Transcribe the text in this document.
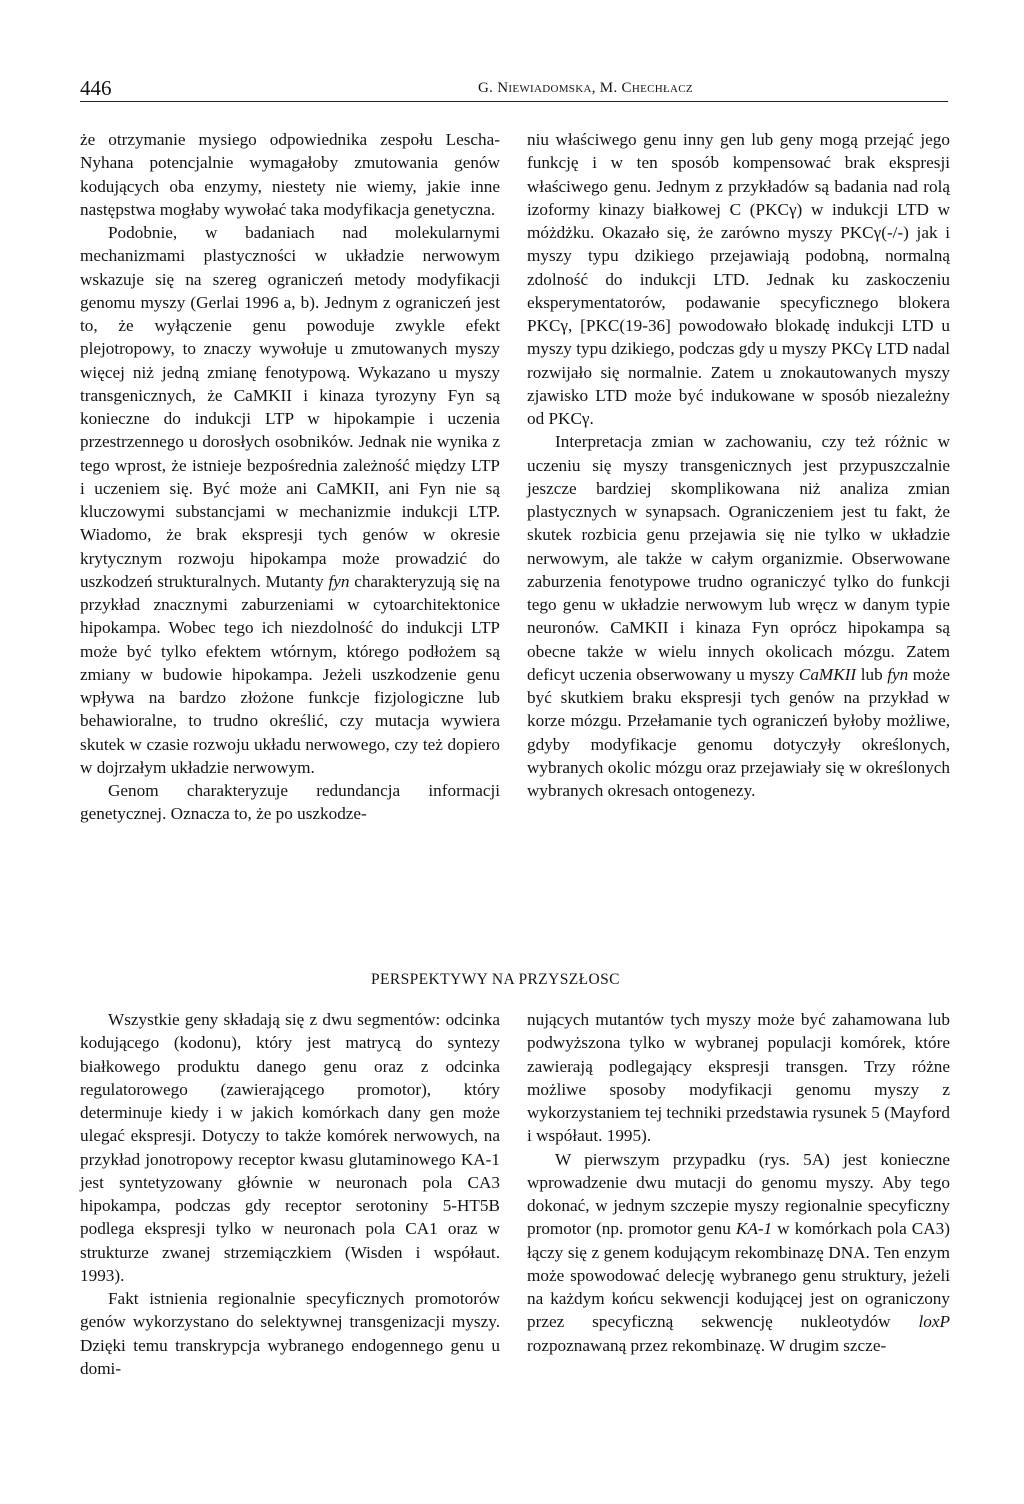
446	G. Niewiadomska, M. Chechłacz

że otrzymanie mysiego odpowiednika zespołu Lescha-Nyhana potencjalnie wymagałoby zmutowania genów kodujących oba enzymy, niestety nie wiemy, jakie inne następstwa mogłaby wywołać taka modyfikacja genetyczna.

Podobnie, w badaniach nad molekularnymi mechanizmami plastyczności w układzie nerwowym wskazuje się na szereg ograniczeń metody modyfikacji genomu myszy (Gerlai 1996 a, b). Jednym z ograniczeń jest to, że wyłączenie genu powoduje zwykle efekt plejotropowy, to znaczy wywołuje u zmutowanych myszy więcej niż jedną zmianę fenotypową. Wykazano u myszy transgenicznych, że CaMKII i kinaza tyrozyny Fyn są konieczne do indukcji LTP w hipokampie i uczenia przestrzennego u dorosłych osobników. Jednak nie wynika z tego wprost, że istnieje bezpośrednia zależność między LTP i uczeniem się. Być może ani CaMKII, ani Fyn nie są kluczowymi substancjami w mechanizmie indukcji LTP. Wiadomo, że brak ekspresji tych genów w okresie krytycznym rozwoju hipokampa może prowadzić do uszkodzeń strukturalnych. Mutanty fyn charakteryzują się na przykład znacznymi zaburzeniami w cytoarchitektonice hipokampa. Wobec tego ich niezdolność do indukcji LTP może być tylko efektem wtórnym, którego podłożem są zmiany w budowie hipokampa. Jeżeli uszkodzenie genu wpływa na bardzo złożone funkcje fizjologiczne lub behawioralne, to trudno określić, czy mutacja wywiera skutek w czasie rozwoju układu nerwowego, czy też dopiero w dojrzałym układzie nerwowym.

Genom charakteryzuje redundancja informacji genetycznej. Oznacza to, że po uszkodze-

niu właściwego genu inny gen lub geny mogą przejąć jego funkcję i w ten sposób kompensować brak ekspresji właściwego genu. Jednym z przykładów są badania nad rolą izoformy kinazy białkowej C (PKCγ) w indukcji LTD w móżdżku. Okazało się, że zarówno myszy PKCγ(-/-) jak i myszy typu dzikiego przejawiają podobną, normalną zdolność do indukcji LTD. Jednak ku zaskoczeniu eksperymentatorów, podawanie specyficznego blokera PKCγ, [PKC(19-36] powodowało blokadę indukcji LTD u myszy typu dzikiego, podczas gdy u myszy PKCγ LTD nadal rozwijało się normalnie. Zatem u znokautowanych myszy zjawisko LTD może być indukowane w sposób niezależny od PKCγ.

Interpretacja zmian w zachowaniu, czy też różnic w uczeniu się myszy transgenicznych jest przypuszczalnie jeszcze bardziej skomplikowana niż analiza zmian plastycznych w synapsach. Ograniczeniem jest tu fakt, że skutek rozbicia genu przejawia się nie tylko w układzie nerwowym, ale także w całym organizmie. Obserwowane zaburzenia fenotypowe trudno ograniczyć tylko do funkcji tego genu w układzie nerwowym lub wręcz w danym typie neuronów. CaMKII i kinaza Fyn oprócz hipokampa są obecne także w wielu innych okolicach mózgu. Zatem deficyt uczenia obserwowany u myszy CaMKII lub fyn może być skutkiem braku ekspresji tych genów na przykład w korze mózgu. Przełamanie tych ograniczeń byłoby możliwe, gdyby modyfikacje genomu dotyczyły określonych, wybranych okolic mózgu oraz przejawiały się w określonych wybranych okresach ontogenezy.

PERSPEKTYWY NA PRZYSZŁOSC

Wszystkie geny składają się z dwu segmentów: odcinka kodującego (kodonu), który jest matrycą do syntezy białkowego produktu danego genu oraz z odcinka regulatorowego (zawierającego promotor), który determinuje kiedy i w jakich komórkach dany gen może ulegać ekspresji. Dotyczy to także komórek nerwowych, na przykład jonotropowy receptor kwasu glutaminowego KA-1 jest syntetyzowany głównie w neuronach pola CA3 hipokampa, podczas gdy receptor serotoniny 5-HT5B podlega ekspresji tylko w neuronach pola CA1 oraz w strukturze zwanej strzemiączkiem (Wisden i współaut. 1993).

Fakt istnienia regionalnie specyficznych promotorów genów wykorzystano do selektywnej transgenizacji myszy. Dzięki temu transkrypcja wybranego endogennego genu u domi-

nujących mutantów tych myszy może być zahamowana lub podwyższona tylko w wybranej populacji komórek, które zawierają podlegający ekspresji transgen. Trzy różne możliwe sposoby modyfikacji genomu myszy z wykorzystaniem tej techniki przedstawia rysunek 5 (Mayford i współaut. 1995).

W pierwszym przypadku (rys. 5A) jest konieczne wprowadzenie dwu mutacji do genomu myszy. Aby tego dokonać, w jednym szczepie myszy regionalnie specyficzny promotor (np. promotor genu KA-1 w komórkach pola CA3) łączy się z genem kodującym rekombinazę DNA. Ten enzym może spowodować delecję wybranego genu struktury, jeżeli na każdym końcu sekwencji kodującej jest on ograniczony przez specyficzną sekwencję nukleotydów loxP rozpoznawaną przez rekombinazę. W drugim szcze-
